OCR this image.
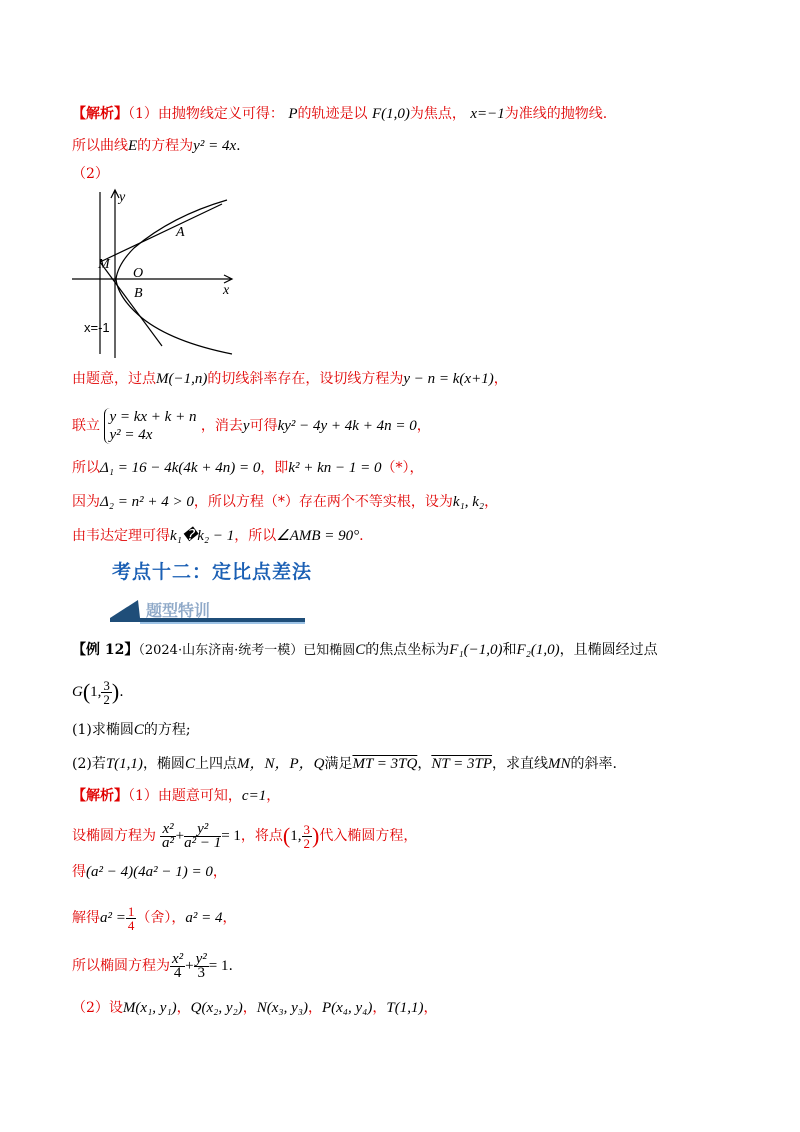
【解析】（1）由抛物线定义可得： P的轨迹是以 F(1,0)为焦点， x=−1为准线的抛物线.
所以曲线E的方程为y² = 4x.
（2）
y
x
A
M
O
B
x=-1
由题意，过点M(−1,n)的切线斜率存在，设切线方程为y − n = k(x+1)，
联立
y = kx + k + n
y² = 4x
，消去y可得ky² − 4y + 4k + 4n = 0，
所以Δ₁ = 16 − 4k(4k + 4n) = 0，即k² + kn − 1 = 0（*），
因为Δ₂ = n² + 4 > 0，所以方程（*）存在两个不等实根，设为k₁, k₂，
由韦达定理可得k₁�k₂ − 1，所以∠AMB = 90°.
考点十二：定比点差法
题型特训
【例 12】（2024·山东济南·统考一模）已知椭圆C的焦点坐标为F₁(−1,0)和F₂(1,0)，且椭圆经过点
G(1, $\frac{3}{2}$ ).
(1)求椭圆C的方程;
(2)若T(1,1)，椭圆C上四点M，N，P，Q满足MT = 3TQ，NT = 3TP，求直线MN的斜率.
【解析】（1）由题意可知，c=1，
设椭圆方程为 $\frac{\text{x²}}{\text{a²}} + \frac{\text{y²}}{\text{a² − 1}} = 1$，将点(1, $\frac{3}{2}$ )代入椭圆方程，
得(a² − 4)(4a² − 1) = 0，
解得$a^2 = \frac{1}{4}$ （舍），a² = 4，
所以椭圆方程为 $\frac{\text{x²}}{4} + \frac{\text{y²}}{3} = 1$.
（2）设M(x₁, y₁)，Q(x₂, y₂)，N(x₃, y₃)，P(x₄, y₄)，T(1,1)，
